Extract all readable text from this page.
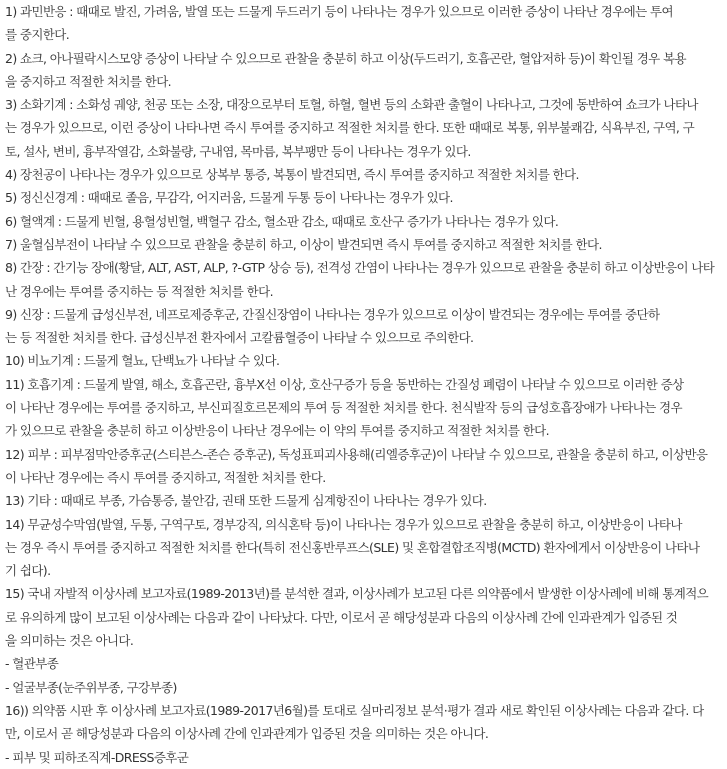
1) 과민반응 : 때때로 발진, 가려움, 발열 또는 드물게 두드러기 등이 나타나는 경우가 있으므로 이러한 증상이 나타난 경우에는 투여
를 중지한다.
2) 쇼크, 아나필락시스모양 증상이 나타날 수 있으므로 관찰을 충분히 하고 이상(두드러기, 호흡곤란, 혈압저하 등)이 확인될 경우 복용
을 중지하고 적절한 처치를 한다.
3) 소화기계 : 소화성 궤양, 천공 또는 소장, 대장으로부터 토혈, 하혈, 혈변 등의 소화관 출혈이 나타나고, 그것에 동반하여 쇼크가 나타나
는 경우가 있으므로, 이런 증상이 나타나면 즉시 투여를 중지하고 적절한 처치를 한다. 또한 때때로 복통, 위부불쾌감, 식욕부진, 구역, 구
토, 설사, 변비, 흉부작열감, 소화불량, 구내염, 목마름, 복부팽만 등이 나타나는 경우가 있다.
4) 장천공이 나타나는 경우가 있으므로 상복부 통증, 복통이 발견되면, 즉시 투여를 중지하고 적절한 처치를 한다.
5) 정신신경계 : 때때로 졸음, 무감각, 어지러움, 드물게 두통 등이 나타나는 경우가 있다.
6) 혈액계 : 드물게 빈혈, 용혈성빈혈, 백혈구 감소, 혈소판 감소, 때때로 호산구 증가가 나타나는 경우가 있다.
7) 울혈심부전이 나타날 수 있으므로 관찰을 충분히 하고, 이상이 발견되면 즉시 투여를 중지하고 적절한 처치를 한다.
8) 간장 : 간기능 장애(황달, ALT, AST, ALP, ?-GTP 상승 등), 전격성 간염이 나타나는 경우가 있으므로 관찰을 충분히 하고 이상반응이 나타
난 경우에는 투여를 중지하는 등 적절한 처치를 한다.
9) 신장 : 드물게 급성신부전, 네프로제증후군, 간질신장염이 나타나는 경우가 있으므로 이상이 발견되는 경우에는 투여를 중단하
는 등 적절한 처치를 한다. 급성신부전 환자에서 고칼륨혈증이 나타날 수 있으므로 주의한다.
10) 비뇨기계 : 드물게 혈뇨, 단백뇨가 나타날 수 있다.
11) 호흡기계 : 드물게 발열, 해소, 호흡곤란, 흉부X선 이상, 호산구증가 등을 동반하는 간질성 폐렴이 나타날 수 있으므로 이러한 증상
이 나타난 경우에는 투여를 중지하고, 부신피질호르몬제의 투여 등 적절한 처치를 한다. 천식발작 등의 급성호흡장애가 나타나는 경우
가 있으므로 관찰을 충분히 하고 이상반응이 나타난 경우에는 이 약의 투여를 중지하고 적절한 처치를 한다.
12) 피부 : 피부점막안증후군(스티븐스-존슨 증후군), 독성표피괴사용해(리엘증후군)이 나타날 수 있으므로, 관찰을 충분히 하고, 이상반응
이 나타난 경우에는 즉시 투여를 중지하고, 적절한 처치를 한다.
13) 기타 : 때때로 부종, 가슴통증, 불안감, 권태 또한 드물게 심계항진이 나타나는 경우가 있다.
14) 무균성수막염(발열, 두통, 구역구토, 경부강직, 의식혼탁 등)이 나타나는 경우가 있으므로 관찰을 충분히 하고, 이상반응이 나타나
는 경우 즉시 투여를 중지하고 적절한 처치를 한다(특히 전신홍반루프스(SLE) 및 혼합결합조직병(MCTD) 환자에게서 이상반응이 나타나
기 쉽다).
15) 국내 자발적 이상사례 보고자료(1989-2013년)를 분석한 결과, 이상사례가 보고된 다른 의약품에서 발생한 이상사례에 비해 통계적으
로 유의하게 많이 보고된 이상사례는 다음과 같이 나타났다. 다만, 이로서 곧 해당성분과 다음의 이상사례 간에 인과관계가 입증된 것
을 의미하는 것은 아니다.
- 혈관부종
- 얼굴부종(눈주위부종, 구강부종)
16)) 의약품 시판 후 이상사례 보고자료(1989-2017년6월)를 토대로 실마리정보 분석·평가 결과 새로 확인된 이상사례는 다음과 같다. 다
만, 이로서 곧 해당성분과 다음의 이상사례 간에 인과관계가 입증된 것을 의미하는 것은 아니다.
- 피부 및 피하조직계-DRESS증후군
